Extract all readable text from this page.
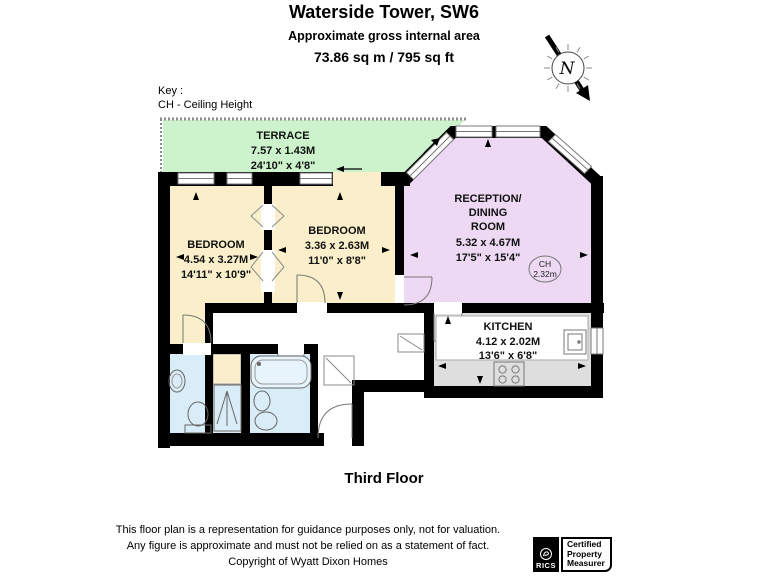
Waterside Tower, SW6
Approximate gross internal area
73.86 sq m / 795 sq ft
Key :
CH - Ceiling Height
CH
2.32m
TERRACE
7.57 x 1.43M
24'10" x 4'8"
BEDROOM
4.54 x 3.27M
14'11" x 10'9"
BEDROOM
3.36 x 2.63M
11'0" x 8'8"
RECEPTION/
DINING
ROOM
5.32 x 4.67M
17'5" x 15'4"
KITCHEN
4.12 x 2.02M
13'6" x 6'8"
N
Third Floor
This floor plan is a representation for guidance purposes only, not for valuation.
Any figure is approximate and must not be relied on as a statement of fact.
Copyright of Wyatt Dixon Homes	RICS
Certified
Property
Measurer
